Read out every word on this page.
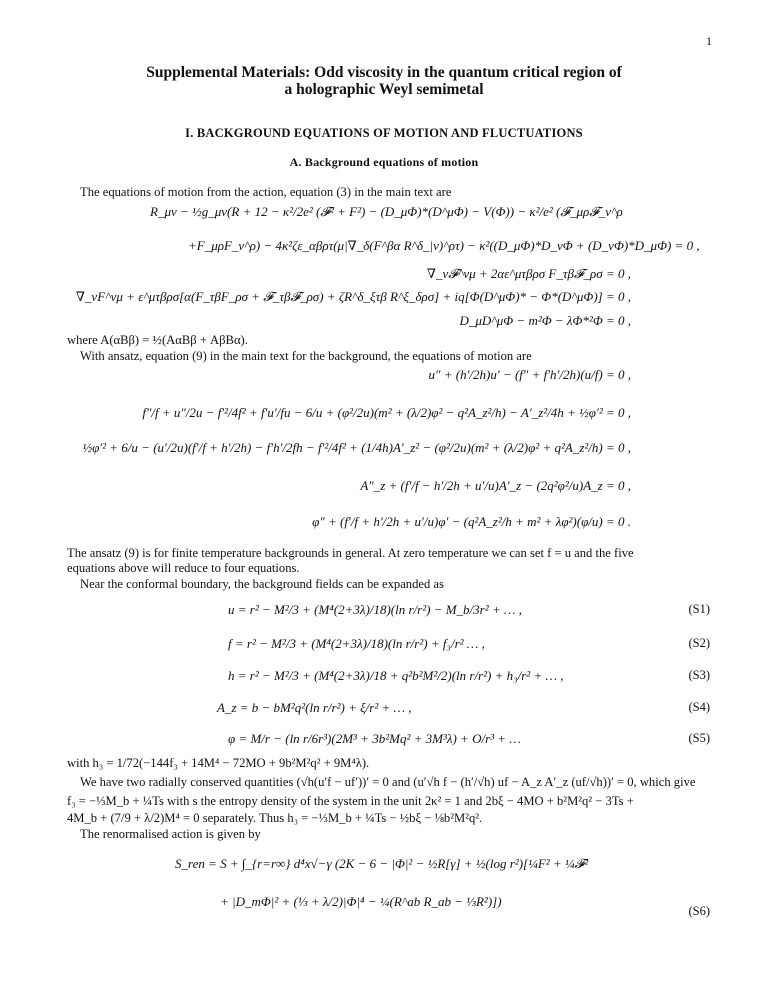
1
Supplemental Materials: Odd viscosity in the quantum critical region of
a holographic Weyl semimetal
I. BACKGROUND EQUATIONS OF MOTION AND FLUCTUATIONS
A. Background equations of motion
The equations of motion from the action, equation (3) in the main text are
R_μν − ½g_μν(R + 12 − κ²/2e² (𝓕² + F²) − (D_μΦ)*(D^μΦ) − V(Φ)) − κ²/e² (𝓕_μρ𝓕_ν^ρ
+F_μρF_ν^ρ) − 4κ²ζε_αβρτ(μ|∇_δ(F^βα R^δ_|ν)^ρτ) − κ²((D_μΦ)*D_νΦ + (D_νΦ)*D_μΦ) = 0 ,
∇_ν𝓕^νμ + 2αε^μτβρσ F_τβ𝓕_ρσ = 0 ,
∇_νF^νμ + ε^μτβρσ[α(F_τβF_ρσ + 𝓕_τβ𝓕_ρσ) + ζR^δ_ξτβ R^ξ_δρσ] + iq[Φ(D^μΦ)* − Φ*(D^μΦ)] = 0 ,
D_μD^μΦ − m²Φ − λΦ*²Φ = 0 ,
where A(αBβ) = ½(AαBβ + AβBα).
With ansatz, equation (9) in the main text for the background, the equations of motion are
u″ + (h′/2h)u′ − (f″ + f′h′/2h)(u/f) = 0 ,
f″/f + u″/2u − f′²/4f² + f′u′/fu − 6/u + (φ²/2u)(m² + (λ/2)φ² − q²A_z²/h) − A′_z²/4h + ½φ′² = 0 ,
½φ′² + 6/u − (u′/2u)(f′/f + h′/2h) − f′h′/2fh − f′²/4f² + (1/4h)A′_z² − (φ²/2u)(m² + (λ/2)φ² + q²A_z²/h) = 0 ,
A″_z + (f′/f − h′/2h + u′/u)A′_z − (2q²φ²/u)A_z = 0 ,
φ″ + (f′/f + h′/2h + u′/u)φ′ − (q²A_z²/h + m² + λφ²)(φ/u) = 0 .
The ansatz (9) is for finite temperature backgrounds in general. At zero temperature we can set f = u and the five
equations above will reduce to four equations.
Near the conformal boundary, the background fields can be expanded as
u = r² − M²/3 + (M⁴(2+3λ)/18)(ln r/r²) − M_b/3r² + … ,	(S1)
f = r² − M²/3 + (M⁴(2+3λ)/18)(ln r/r²) + f₃/r² … ,	(S2)
h = r² − M²/3 + (M⁴(2+3λ)/18 + q²b²M²/2)(ln r/r²) + h₃/r² + … ,	(S3)
A_z = b − bM²q²(ln r/r²) + ξ/r² + … ,	(S4)
φ = M/r − (ln r/6r³)(2M³ + 3b²Mq² + 3M³λ) + O/r³ + …	(S5)
with h₃ = 1/72(−144f₃ + 14M⁴ − 72MO + 9b²M²q² + 9M⁴λ).
We have two radially conserved quantities (√h(u′f − uf′))′ = 0 and (u′√h f − (h′/√h) uf − A_z A′_z (uf/√h))′ = 0, which give
f₃ = −⅓M_b + ¼Ts with s the entropy density of the system in the unit 2κ² = 1 and 2bξ − 4MO + b²M²q² − 3Ts +
4M_b + (7/9 + λ/2)M⁴ = 0 separately. Thus h₃ = −⅓M_b + ¼Ts − ½bξ − ⅛b²M²q².
The renormalised action is given by
S_ren = S + ∫_{r=r∞} d⁴x√−γ (2K − 6 − |Φ|² − ½R[γ] + ½(log r²)[¼F² + ¼𝓕²
+ |D_mΦ|² + (⅓ + λ/2)|Φ|⁴ − ¼(R^ab R_ab − ⅓R²)])
(S6)
